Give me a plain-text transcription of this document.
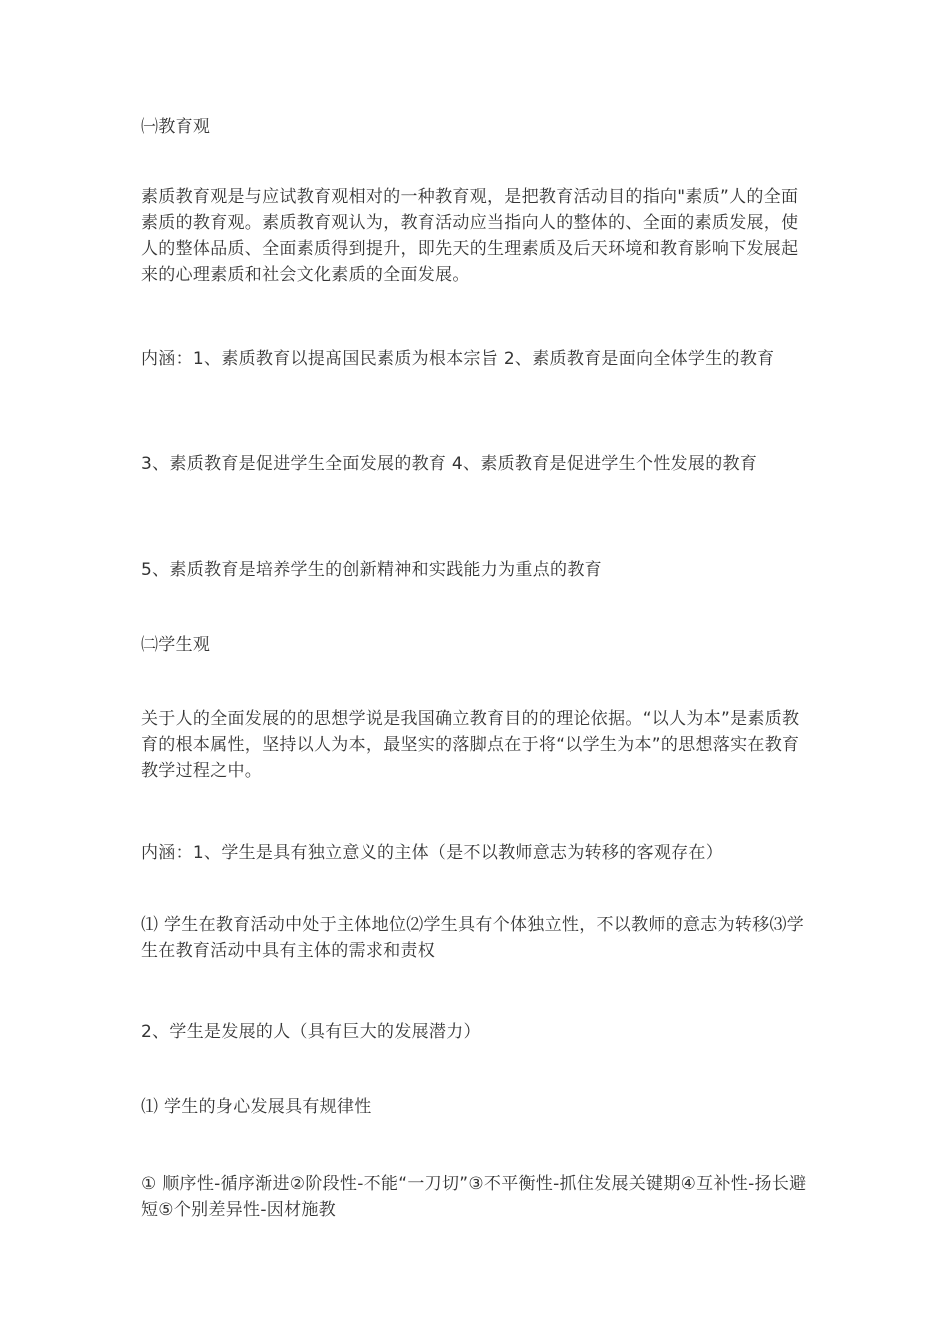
㈠教育观

素质教育观是与应试教育观相对的一种教育观，是把教育活动目的指向"素质”人的全面素质的教育观。素质教育观认为，教育活动应当指向人的整体的、全面的素质发展，使人的整体品质、全面素质得到提升，即先天的生理素质及后天环境和教育影响下发展起来的心理素质和社会文化素质的全面发展。

内涵：1、素质教育以提髙国民素质为根本宗旨 2、素质教育是面向全体学生的教育

3、素质教育是促进学生全面发展的教育 4、素质教育是促进学生个性发展的教育

5、素质教育是培养学生的创新精神和实践能力为重点的教育

㈡学生观

关于人的全面发展的的思想学说是我国确立教育目的的理论依据。“以人为本”是素质教育的根本属性，坚持以人为本，最坚实的落脚点在于将“以学生为本”的思想落实在教育教学过程之中。

内涵：1、学生是具有独立意义的主体（是不以教师意志为转移的客观存在）

⑴ 学生在教育活动中处于主体地位⑵学生具有个体独立性，不以教师的意志为转移⑶学生在教育活动中具有主体的需求和责权

2、学生是发展的人（具有巨大的发展潜力）

⑴ 学生的身心发展具有规律性

① 顺序性-循序渐进②阶段性-不能“一刀切”③不平衡性-抓住发展关键期④互补性-扬长避短⑤个别差异性-因材施教
